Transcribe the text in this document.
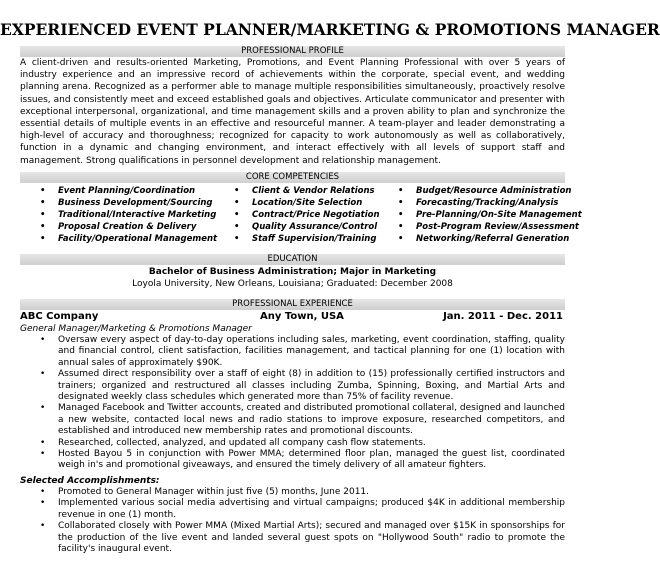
EXPERIENCED EVENT PLANNER/MARKETING & PROMOTIONS MANAGER
PROFESSIONAL PROFILE
A client-driven and results-oriented Marketing, Promotions, and Event Planning Professional with over 5 years of industry experience and an impressive record of achievements within the corporate, special event, and wedding planning arena. Recognized as a performer able to manage multiple responsibilities simultaneously, proactively resolve issues, and consistently meet and exceed established goals and objectives. Articulate communicator and presenter with exceptional interpersonal, organizational, and time management skills and a proven ability to plan and synchronize the essential details of multiple events in an effective and resourceful manner. A team-player and leader demonstrating a high-level of accuracy and thoroughness; recognized for capacity to work autonomously as well as collaboratively, function in a dynamic and changing environment, and interact effectively with all levels of support staff and management. Strong qualifications in personnel development and relationship management.
CORE COMPETENCIES
• Event Planning/Coordination
• Business Development/Sourcing
• Traditional/Interactive Marketing
• Proposal Creation & Delivery
• Facility/Operational Management
• Client & Vendor Relations
• Location/Site Selection
• Contract/Price Negotiation
• Quality Assurance/Control
• Staff Supervision/Training
• Budget/Resource Administration
• Forecasting/Tracking/Analysis
• Pre-Planning/On-Site Management
• Post-Program Review/Assessment
• Networking/Referral Generation
EDUCATION
Bachelor of Business Administration; Major in Marketing
Loyola University, New Orleans, Louisiana; Graduated: December 2008
PROFESSIONAL EXPERIENCE
ABC Company	Any Town, USA	Jan. 2011 - Dec. 2011
General Manager/Marketing & Promotions Manager
• Oversaw every aspect of day-to-day operations including sales, marketing, event coordination, staffing, quality and financial control, client satisfaction, facilities management, and tactical planning for one (1) location with annual sales of approximately $90K.
• Assumed direct responsibility over a staff of eight (8) in addition to (15) professionally certified instructors and trainers; organized and restructured all classes including Zumba, Spinning, Boxing, and Martial Arts and designated weekly class schedules which generated more than 75% of facility revenue.
• Managed Facebook and Twitter accounts, created and distributed promotional collateral, designed and launched a new website, contacted local news and radio stations to improve exposure, researched competitors, and established and introduced new membership rates and promotional discounts.
• Researched, collected, analyzed, and updated all company cash flow statements.
• Hosted Bayou 5 in conjunction with Power MMA; determined floor plan, managed the guest list, coordinated weigh in's and promotional giveaways, and ensured the timely delivery of all amateur fighters.
Selected Accomplishments:
• Promoted to General Manager within just five (5) months, June 2011.
• Implemented various social media advertising and virtual campaigns; produced $4K in additional membership revenue in one (1) month.
• Collaborated closely with Power MMA (Mixed Martial Arts); secured and managed over $15K in sponsorships for the production of the live event and landed several guest spots on "Hollywood South" radio to promote the facility's inaugural event.
